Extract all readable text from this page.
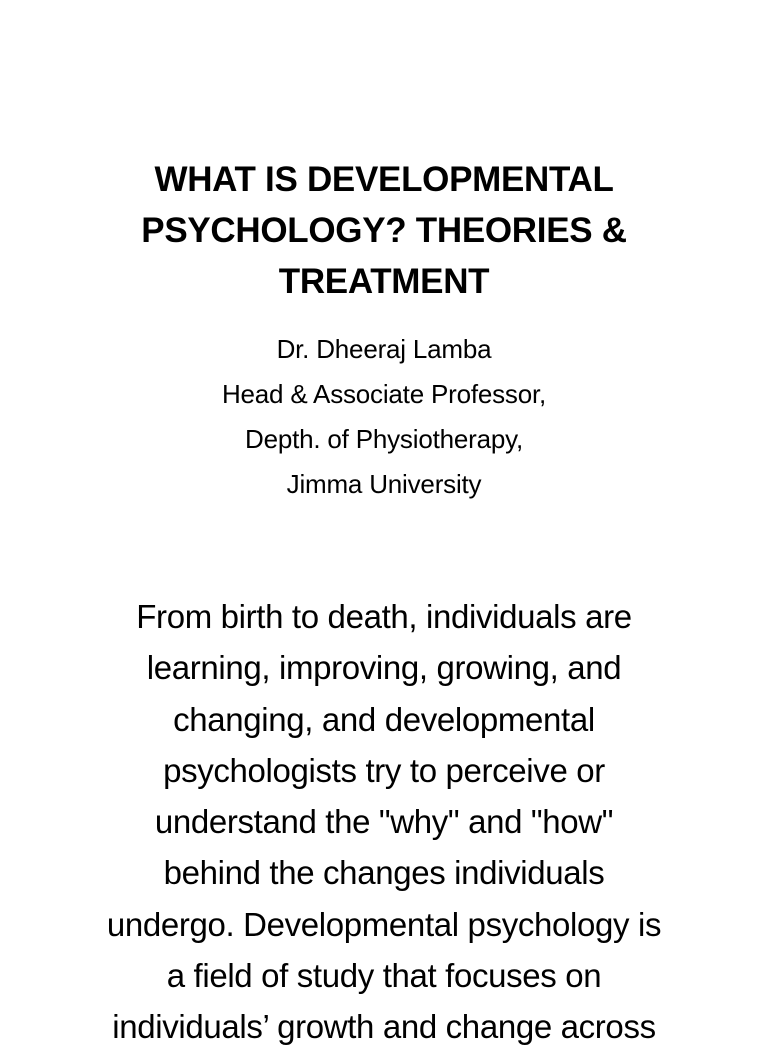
WHAT IS DEVELOPMENTAL
PSYCHOLOGY? THEORIES &
TREATMENT

Dr. Dheeraj Lamba
Head & Associate Professor,
Depth. of Physiotherapy,
Jimma University

From birth to death, individuals are
learning, improving, growing, and
changing, and developmental
psychologists try to perceive or
understand the "why" and "how"
behind the changes individuals
undergo. Developmental psychology is
a field of study that focuses on
individuals’ growth and change across
